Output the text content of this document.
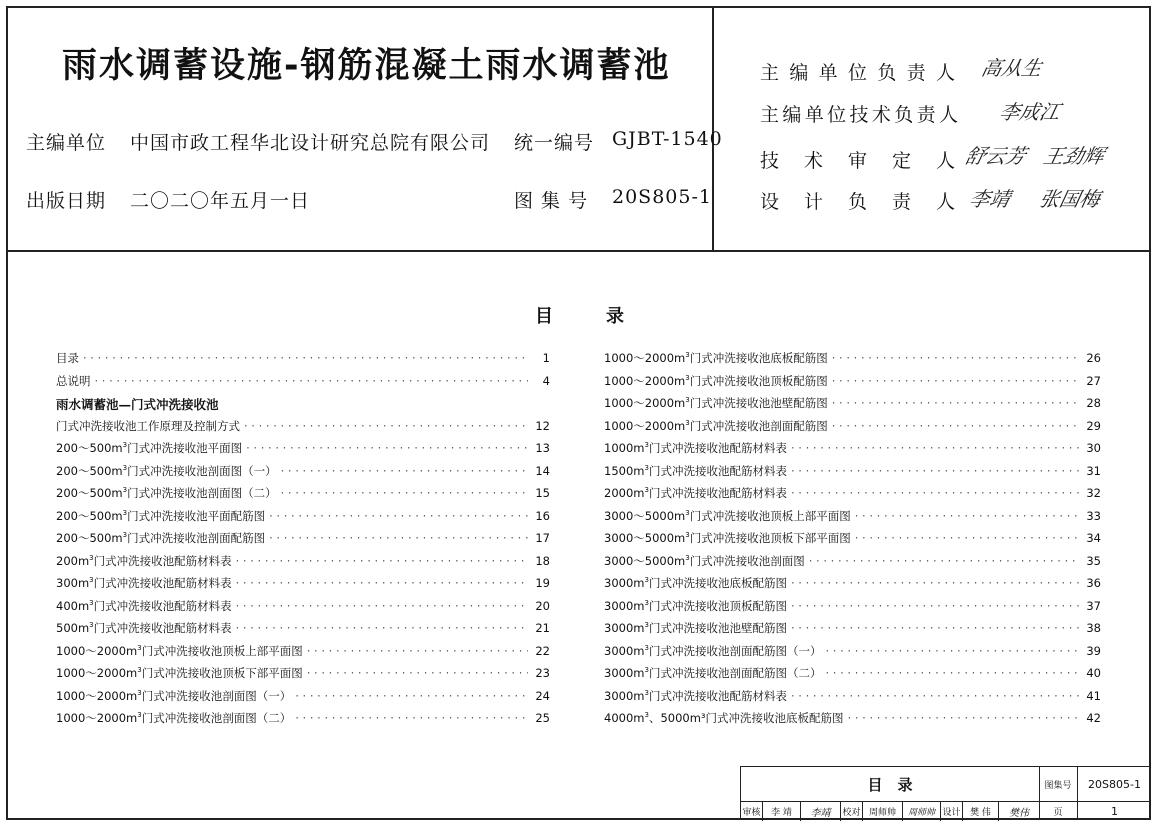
雨水调蓄设施-钢筋混凝土雨水调蓄池
主编单位 中国市政工程华北设计研究总院有限公司 统一编号 GJBT-1540
出版日期 二〇二〇年五月一日	图 集 号 20S805-1
主编单位负责人 高从生
主编单位技术负责人 李成江
技术审定人 舒云芳 王劲辉
设计负责人 李靖 张国梅
目	录
目录 · · ·	1
总说明 · · ·	4
雨水调蓄池—门式冲洗接收池
门式冲洗接收池工作原理及控制方式 · · ·	12
$200\sim 500m^3$门式冲洗接收池平面图 · · ·	13
$200\sim 500m^3$门式冲洗接收池剖面图（一） · · ·	14
$200\sim 500m^3$门式冲洗接收池剖面图（二） · · ·	15
$200\sim 500m^3$门式冲洗接收池平面配筋图 · · ·	16
$200\sim 500m^3$门式冲洗接收池剖面配筋图 · · ·	17
$200m^3$门式冲洗接收池配筋材料表 · · ·	18
$300m^3$门式冲洗接收池配筋材料表 · · ·	19
$400m^3$门式冲洗接收池配筋材料表 · · ·	20
$500m^3$门式冲洗接收池配筋材料表 · · ·	21
$1000\sim 2000m^3$门式冲洗接收池顶板上部平面图 · · ·	22
$1000\sim 2000m^3$门式冲洗接收池顶板下部平面图 · · ·	23
$1000\sim 2000m^3$门式冲洗接收池剖面图（一） · · ·	24
$1000\sim 2000m^3$门式冲洗接收池剖面图（二） · · ·	25
$1000\sim 2000m^3$门式冲洗接收池底板配筋图 · · ·	26
$1000\sim 2000m^3$门式冲洗接收池顶板配筋图 · · ·	27
$1000\sim 2000m^3$门式冲洗接收池池壁配筋图 · · ·	28
$1000\sim 2000m^3$门式冲洗接收池剖面配筋图 · · ·	29
$1000m^3$门式冲洗接收池配筋材料表 · · ·	30
$1500m^3$门式冲洗接收池配筋材料表 · · ·	31
$2000m^3$门式冲洗接收池配筋材料表 · · ·	32
$3000\sim 5000m^3$门式冲洗接收池顶板上部平面图 · · ·	33
$3000\sim 5000m^3$门式冲洗接收池顶板下部平面图 · · ·	34
$3000\sim 5000m^3$门式冲洗接收池剖面图 · · ·	35
$3000m^3$门式冲洗接收池底板配筋图 · · ·	36
$3000m^3$门式冲洗接收池顶板配筋图 · · ·	37
$3000m^3$门式冲洗接收池池壁配筋图 · · ·	38
$3000m^3$门式冲洗接收池剖面配筋图（一） · · ·	39
$3000m^3$门式冲洗接收池剖面配筋图（二） · · ·	40
$3000m^3$门式冲洗接收池配筋材料表 · · ·	41
$4000m^3$、5000m³门式冲洗接收池底板配筋图 · · ·	42
目　录	图集号	20S805-1
审核	李 靖	李靖	校对 周师帅	周师帅 设计	樊 伟	樊伟	页	1
